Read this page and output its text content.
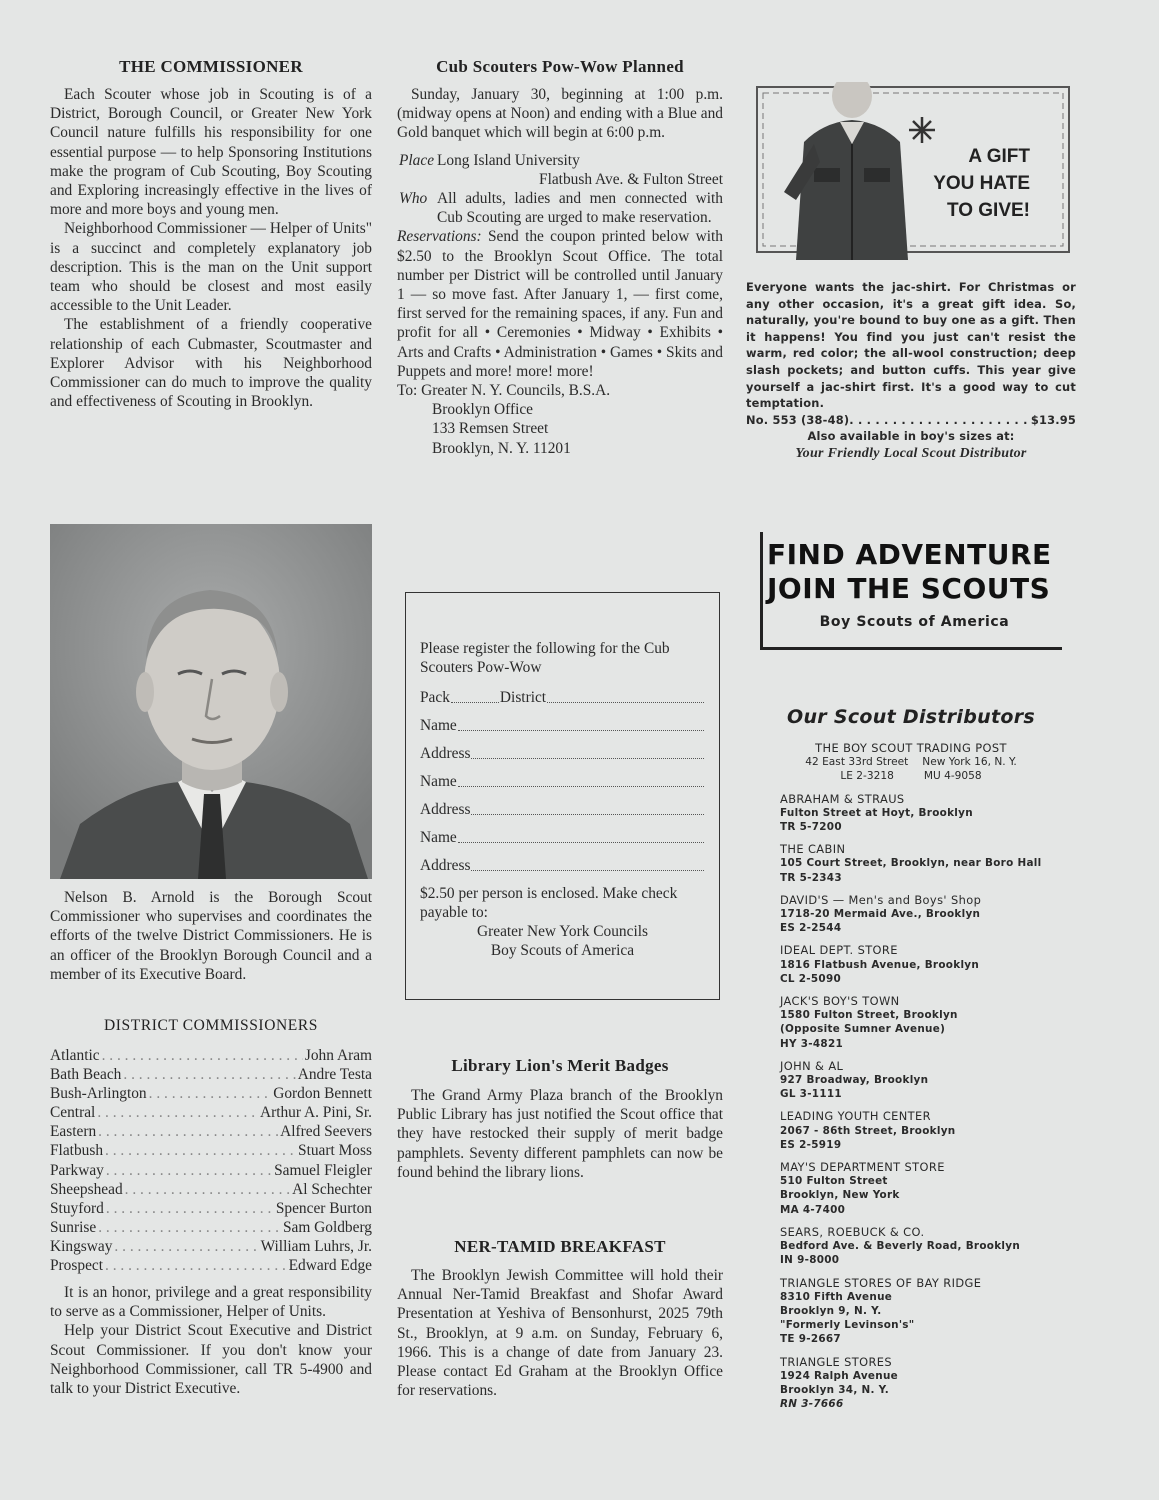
THE COMMISSIONER

Each Scouter whose job in Scouting is of a District, Borough Council, or Greater New York Council nature fulfills his responsibility for one essential purpose — to help Sponsoring Institutions make the program of Cub Scouting, Boy Scouting and Exploring increasingly effective in the lives of more and more boys and young men.

Neighborhood Commissioner — Helper of Units" is a succinct and completely explanatory job description. This is the man on the Unit support team who should be closest and most easily accessible to the Unit Leader.

The establishment of a friendly cooperative relationship of each Cubmaster, Scoutmaster and Explorer Advisor with his Neighborhood Commissioner can do much to improve the quality and effectiveness of Scouting in Brooklyn.

Nelson B. Arnold is the Borough Scout Commissioner who supervises and coordinates the efforts of the twelve District Commissioners. He is an officer of the Brooklyn Borough Council and a member of its Executive Board.

DISTRICT COMMISSIONERS
Atlantic . . .	John Aram
Bath Beach . . .	Andre Testa
Bush-Arlington . . .	Gordon Bennett
Central . . .	Arthur A. Pini, Sr.
Eastern . . .	Alfred Seevers
Flatbush . . .	Stuart Moss
Parkway . . .	Samuel Fleigler
Sheepshead . . .	Al Schechter
Stuyford . . .	Spencer Burton
Sunrise . . .	Sam Goldberg
Kingsway . . .	William Luhrs, Jr.
Prospect . . .	Edward Edge

It is an honor, privilege and a great responsibility to serve as a Commissioner, Helper of Units.

Help your District Scout Executive and District Scout Commissioner. If you don't know your Neighborhood Commissioner, call TR 5-4900 and talk to your District Executive.

Cub Scouters Pow-Wow Planned

Sunday, January 30, beginning at 1:00 p.m. (midway opens at Noon) and ending with a Blue and Gold banquet which will begin at 6:00 p.m.

Place Long Island University
Flatbush Ave. & Fulton Street
Who All adults, ladies and men connected with Cub Scouting are urged to make reservation.

Reservations: Send the coupon printed below with $2.50 to the Brooklyn Scout Office. The total number per District will be controlled until January 1 — so move fast. After January 1, — first come, first served for the remaining spaces, if any. Fun and profit for all • Ceremonies • Midway • Exhibits • Arts and Crafts • Administration • Games • Skits and Puppets and more! more! more!

To: Greater N. Y. Councils, B.S.A.
Brooklyn Office
133 Remsen Street
Brooklyn, N. Y. 11201
Please register the following for the Cub Scouters Pow-Wow
Pack	District
Name
Address
Name
Address
Name
Address
$2.50 per person is enclosed. Make check payable to:
Greater New York Councils
Boy Scouts of America
Library Lion's Merit Badges

The Grand Army Plaza branch of the Brooklyn Public Library has just notified the Scout office that they have restocked their supply of merit badge pamphlets. Seventy different pamphlets can now be found behind the library lions.

NER-TAMID BREAKFAST

The Brooklyn Jewish Committee will hold their Annual Ner-Tamid Breakfast and Shofar Award Presentation at Yeshiva of Bensonhurst, 2025 79th St., Brooklyn, at 9 a.m. on Sunday, February 6, 1966. This is a change of date from January 23. Please contact Ed Graham at the Brooklyn Office for reservations.

A GIFT
YOU HATE
TO GIVE!
Everyone wants the jac-shirt. For Christmas or any other occasion, it's a great gift idea. So, naturally, you're bound to buy one as a gift. Then it happens! You find you just can't resist the warm, red color; the all-wool construction; deep slash pockets; and button cuffs. This year give yourself a jac-shirt first. It's a good way to cut temptation.
No. 553 (38-48) . . .	$13.95
Also available in boy's sizes at:
Your Friendly Local Scout Distributor
FIND ADVENTURE
JOIN THE SCOUTS
Boy Scouts of America
Our Scout Distributors
THE BOY SCOUT TRADING POST
42 East 33rd Street New York 16, N. Y.
LE 2-3218	MU 4-9058
ABRAHAM & STRAUS
Fulton Street at Hoyt, Brooklyn
TR 5-7200
THE CABIN
105 Court Street, Brooklyn, near Boro Hall
TR 5-2343
DAVID'S — Men's and Boys' Shop
1718-20 Mermaid Ave., Brooklyn
ES 2-2544
IDEAL DEPT. STORE
1816 Flatbush Avenue, Brooklyn
CL 2-5090
JACK'S BOY'S TOWN
1580 Fulton Street, Brooklyn
(Opposite Sumner Avenue)
HY 3-4821
JOHN & AL
927 Broadway, Brooklyn
GL 3-1111
LEADING YOUTH CENTER
2067 - 86th Street, Brooklyn
ES 2-5919
MAY'S DEPARTMENT STORE
510 Fulton Street
Brooklyn, New York
MA 4-7400
SEARS, ROEBUCK & CO.
Bedford Ave. & Beverly Road, Brooklyn
IN 9-8000
TRIANGLE STORES OF BAY RIDGE
8310 Fifth Avenue
Brooklyn 9, N. Y.
"Formerly Levinson's"
TE 9-2667
TRIANGLE STORES
1924 Ralph Avenue
Brooklyn 34, N. Y.
RN 3-7666
